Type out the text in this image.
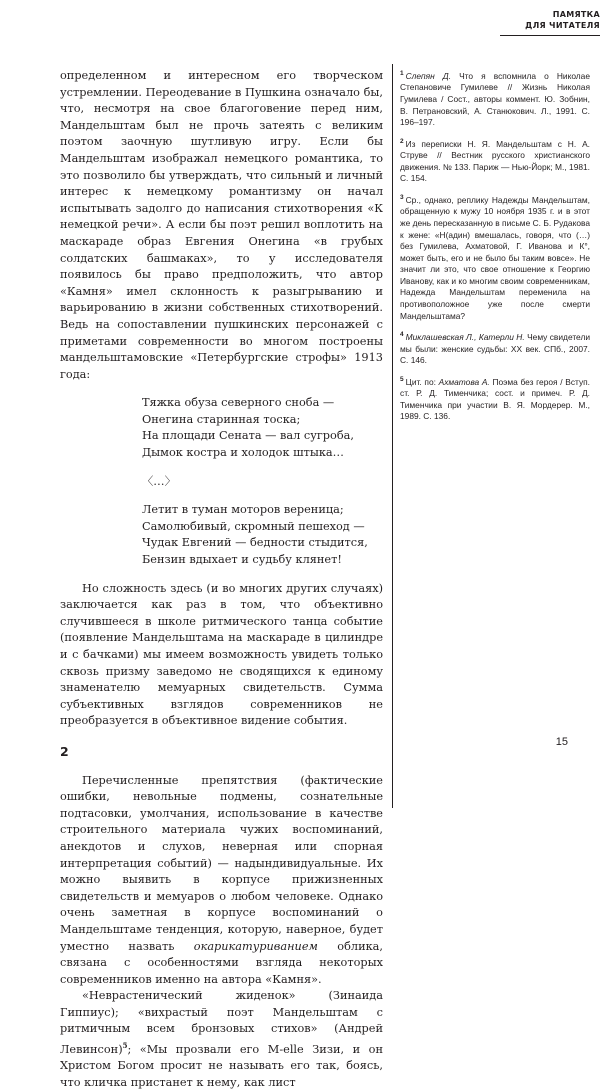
ПАМЯТКА
ДЛЯ ЧИТАТЕЛЯ

определенном и интересном его творческом устремлении. Переодевание в Пушкина означало бы, что, несмотря на свое благоговение перед ним, Мандельштам был не прочь затеять с великим поэтом заочную шутливую игру. Если бы Мандельштам изображал немецкого романтика, то это позволило бы утверждать, что сильный и личный интерес к немецкому романтизму он начал испытывать задолго до написания стихотворения «К немецкой речи». А если бы поэт решил воплотить на маскараде образ Евгения Онегина «в грубых солдатских башмаках», то у исследователя появилось бы право предположить, что автор «Камня» имел склонность к разыгрыванию и варьированию в жизни собственных стихотворений. Ведь на сопоставлении пушкинских персонажей с приметами современности во многом построены мандельштамовские «Петербургские строфы» 1913 года:

Тяжка обуза северного сноба —
Онегина старинная тоска;
На площади Сената — вал сугроба,
Дымок костра и холодок штыка…
〈…〉
Летит в туман моторов вереница;
Самолюбивый, скромный пешеход —
Чудак Евгений — бедности стыдится,
Бензин вдыхает и судьбу клянет!

Но сложность здесь (и во многих других случаях) заключается как раз в том, что объективно случившееся в школе ритмического танца событие (появление Мандельштама на маскараде в цилиндре и с бачками) мы имеем возможность увидеть только сквозь призму заведомо не сводящихся к единому знаменателю мемуарных свидетельств. Сумма субъективных взглядов современников не преобразуется в объективное видение события.

2

Перечисленные препятствия (фактические ошибки, невольные подмены, сознательные подтасовки, умолчания, использование в качестве строительного материала чужих воспоминаний, анекдотов и слухов, неверная или спорная интерпретация событий) — надындивидуальные. Их можно выявить в корпусе прижизненных свидетельств и мемуаров о любом человеке. Однако очень заметная в корпусе воспоминаний о Мандельштаме тенденция, которую, наверное, будет уместно назвать окарикатуриванием облика, связана с особенностями взгляда некоторых современников именно на автора «Камня».

«Неврастенический жиденок» (Зинаида Гиппиус); «вихрастый поэт Мандельштам с ритмичным всем бронзовых стихов» (Андрей Левинсон)$^5$; «Мы прозвали его M-elle Зизи, и он Христом Богом просит не называть его так, боясь, что кличка пристанет к нему, как лист

$^1$ Слепян Д. Что я вспомнила о Николае Степановиче Гумилеве // Жизнь Николая Гумилева / Сост., авторы коммент. Ю. Зобнин, В. Петрановский, А. Станюкович. Л., 1991. С. 196–197.

$^2$ Из переписки Н. Я. Мандельштам с Н. А. Струве // Вестник русского христианского движения. № 133. Париж — Нью-Йорк; М., 1981. С. 154.

$^3$ Ср., однако, реплику Надежды Мандельштам, обращенную к мужу 10 ноября 1935 г. и в этот же день пересказанную в письме С. Б. Рудакова к жене: «Н(адин) вмешалась, говоря, что (…) без Гумилева, Ахматовой, Г. Иванова и К°, может быть, его и не было бы таким вовсе». Не значит ли это, что свое отношение к Георгию Иванову, как и ко многим своим современникам, Надежда Мандельштам переменила на противоположное уже после смерти Мандельштама?

$^4$ Миклашевская Л., Катерли Н. Чему свидетели мы были: женские судьбы: XX век. СПб., 2007. С. 146.

$^5$ Цит. по: Ахматова А. Поэма без героя / Вступ. ст. Р. Д. Тименчика; сост. и примеч. Р. Д. Тименчика при участии В. Я. Мордерер. М., 1989. С. 136.

15
